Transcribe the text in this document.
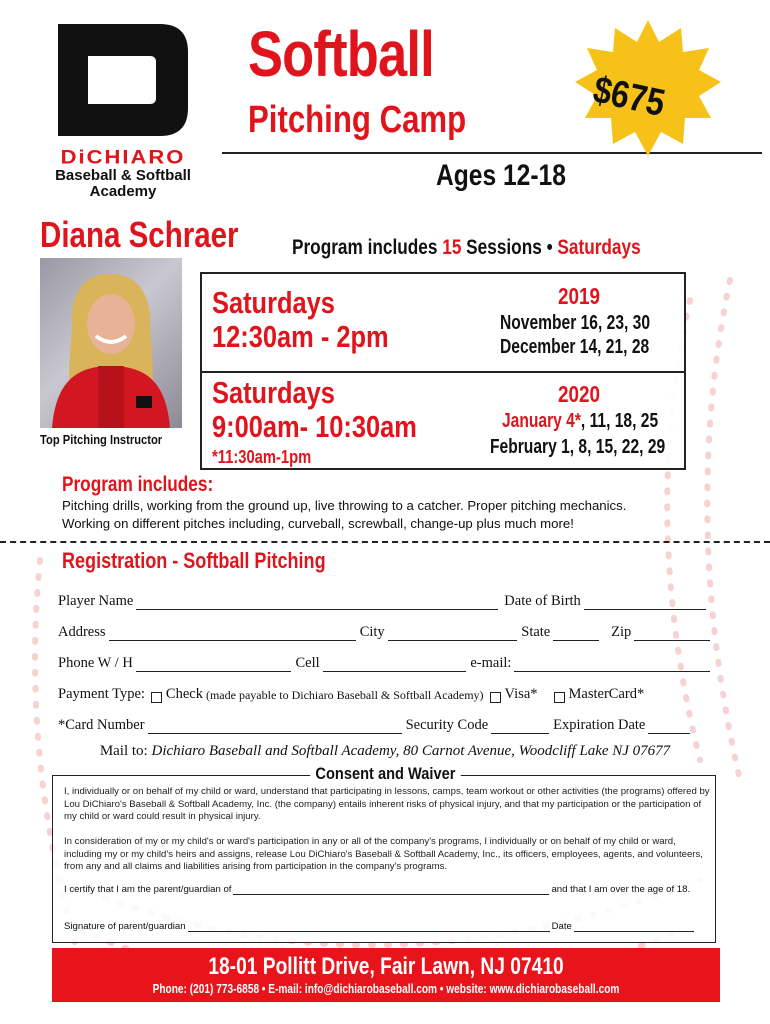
DiCHIARO
Baseball & Softball
Academy
Softball
Pitching Camp
Ages 12-18
$675
Diana Schraer
Top Pitching Instructor
Program includes 15 Sessions • Saturdays
Saturdays
12:30am - 2pm
2019
November 16, 23, 30
December 14, 21, 28
Saturdays
9:00am- 10:30am
*11:30am-1pm
2020
January 4*, 11, 18, 25
February 1, 8, 15, 22, 29
Program includes:
Pitching drills, working from the ground up, live throwing to a catcher. Proper pitching mechanics.
Working on different pitches including, curveball, screwball, change-up plus much more!
Registration - Softball Pitching
Player Name	Date of Birth
Address	City	State	Zip
Phone W / H	Cell	e-mail:
Payment Type: Check (made payable to Dichiaro Baseball & Softball Academy) Visa* MasterCard*
*Card Number	Security Code	Expiration Date
Mail to: Dichiaro Baseball and Softball Academy, 80 Carnot Avenue, Woodcliff Lake NJ 07677
Consent and Waiver
I, individually or on behalf of my child or ward, understand that participating in lessons, camps, team workout or other activities (the programs) offered by Lou DiChiaro's Baseball & Softball Academy, Inc. (the company) entails inherent risks of physical injury, and that my participation or the participation of my child or ward could result in physical injury.
In consideration of my or my child's or ward's participation in any or all of the company's programs, I individually or on behalf of my child or ward, including my or my child's heirs and assigns, release Lou DiChiaro's Baseball & Softball Academy, Inc., its officers, employees, agents, and volunteers, from any and all claims and liabilities arising from participation in the company's programs.
I certify that I am the parent/guardian of	and that I am over the age of 18.
Signature of parent/guardian	Date
18-01 Pollitt Drive, Fair Lawn, NJ 07410
Phone: (201) 773-6858 • E-mail: info@dichiarobaseball.com • website: www.dichiarobaseball.com
